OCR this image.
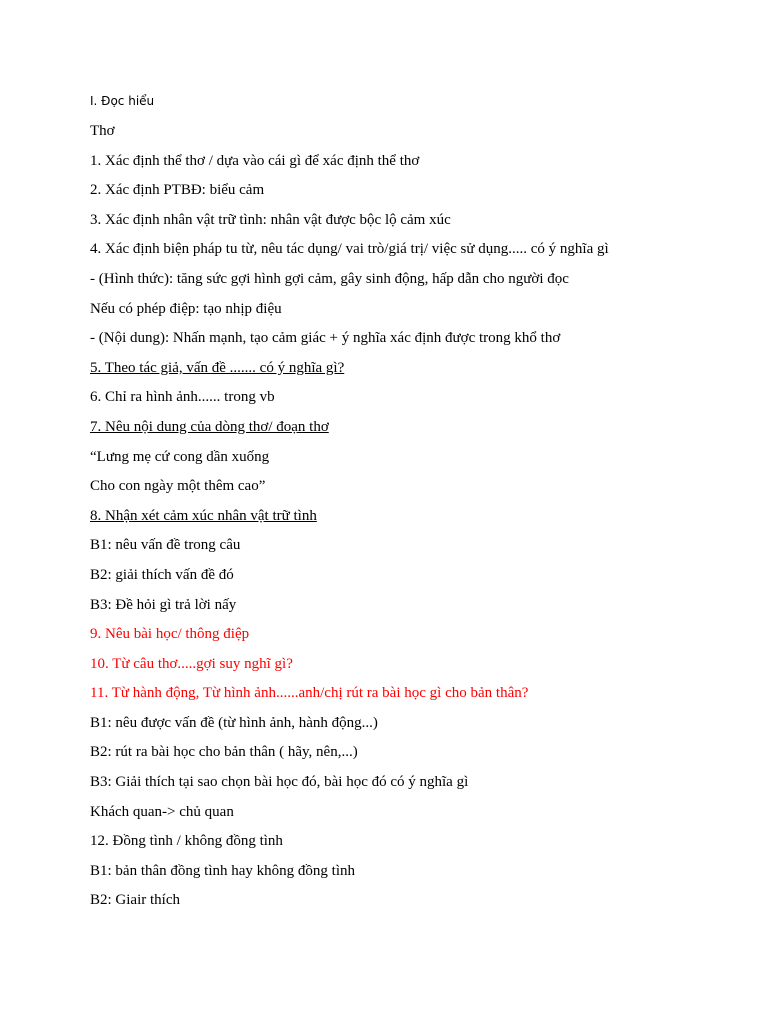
I. Đọc hiểu
Thơ
1. Xác định thể thơ / dựa vào cái gì để xác định thể thơ
2. Xác định PTBĐ: biểu cảm
3. Xác định nhân vật trữ tình: nhân vật được bộc lộ cảm xúc
4. Xác định biện pháp tu từ, nêu tác dụng/ vai trò/giá trị/ việc sử dụng..... có ý nghĩa gì
- (Hình thức): tăng sức gợi hình gợi cảm, gây sinh động, hấp dẫn cho người đọc
Nếu có phép điệp: tạo nhịp điệu
- (Nội dung): Nhấn mạnh, tạo cảm giác + ý nghĩa xác định được trong khổ thơ
5. Theo tác giả, vấn đề ....... có ý nghĩa gì?
6. Chỉ ra hình ảnh...... trong vb
7. Nêu nội dung của dòng thơ/ đoạn thơ
“Lưng mẹ cứ cong dần xuống
Cho con ngày một thêm cao”
8. Nhận xét cảm xúc nhân vật trữ tình
B1: nêu vấn đề trong câu
B2: giải thích vấn đề đó
B3: Đề hỏi gì trả lời nấy
9. Nêu bài học/ thông điệp
10. Từ câu thơ.....gợi suy nghĩ gì?
11. Từ hành động, Từ hình ảnh......anh/chị rút ra bài học gì cho bản thân?
B1: nêu được vấn đề (từ hình ảnh, hành động...)
B2: rút ra bài học cho bản thân ( hãy, nên,...)
B3: Giải thích tại sao chọn bài học đó, bài học đó có ý nghĩa gì
Khách quan-> chủ quan
12. Đồng tình / không đồng tình
B1: bản thân đồng tình hay không đồng tình
B2: Giair thích
